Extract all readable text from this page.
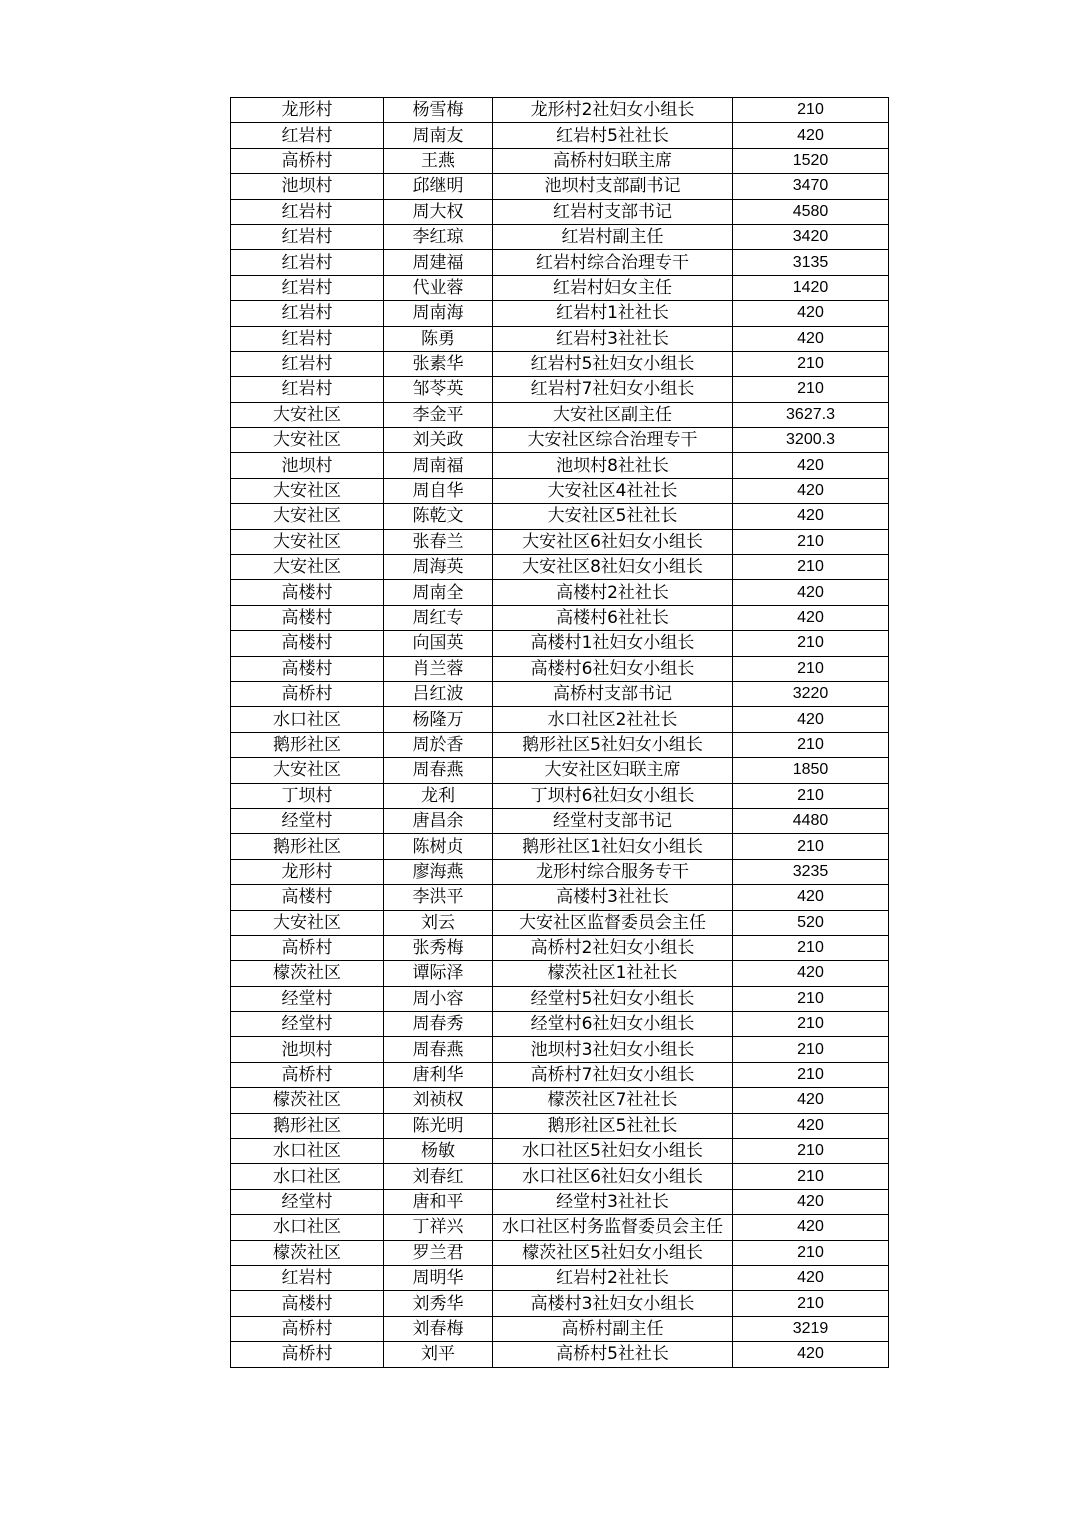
龙形村	杨雪梅	龙形村2社妇女小组长	210
红岩村	周南友	红岩村5社社长	420
高桥村	王燕	高桥村妇联主席	1520
池坝村	邱继明	池坝村支部副书记	3470
红岩村	周大权	红岩村支部书记	4580
红岩村	李红琼	红岩村副主任	3420
红岩村	周建福	红岩村综合治理专干	3135
红岩村	代业蓉	红岩村妇女主任	1420
红岩村	周南海	红岩村1社社长	420
红岩村	陈勇	红岩村3社社长	420
红岩村	张素华	红岩村5社妇女小组长	210
红岩村	邹苓英	红岩村7社妇女小组长	210
大安社区	李金平	大安社区副主任	3627.3
大安社区	刘关政	大安社区综合治理专干	3200.3
池坝村	周南福	池坝村8社社长	420
大安社区	周自华	大安社区4社社长	420
大安社区	陈乾文	大安社区5社社长	420
大安社区	张春兰	大安社区6社妇女小组长	210
大安社区	周海英	大安社区8社妇女小组长	210
高楼村	周南全	高楼村2社社长	420
高楼村	周红专	高楼村6社社长	420
高楼村	向国英	高楼村1社妇女小组长	210
高楼村	肖兰蓉	高楼村6社妇女小组长	210
高桥村	吕红波	高桥村支部书记	3220
水口社区	杨隆万	水口社区2社社长	420
鹅形社区	周於香	鹅形社区5社妇女小组长	210
大安社区	周春燕	大安社区妇联主席	1850
丁坝村	龙利	丁坝村6社妇女小组长	210
经堂村	唐昌余	经堂村支部书记	4480
鹅形社区	陈树贞	鹅形社区1社妇女小组长	210
龙形村	廖海燕	龙形村综合服务专干	3235
高楼村	李洪平	高楼村3社社长	420
大安社区	刘云	大安社区监督委员会主任	520
高桥村	张秀梅	高桥村2社妇女小组长	210
檬茨社区	谭际泽	檬茨社区1社社长	420
经堂村	周小容	经堂村5社妇女小组长	210
经堂村	周春秀	经堂村6社妇女小组长	210
池坝村	周春燕	池坝村3社妇女小组长	210
高桥村	唐利华	高桥村7社妇女小组长	210
檬茨社区	刘祯权	檬茨社区7社社长	420
鹅形社区	陈光明	鹅形社区5社社长	420
水口社区	杨敏	水口社区5社妇女小组长	210
水口社区	刘春红	水口社区6社妇女小组长	210
经堂村	唐和平	经堂村3社社长	420
水口社区	丁祥兴	水口社区村务监督委员会主任	420
檬茨社区	罗兰君	檬茨社区5社妇女小组长	210
红岩村	周明华	红岩村2社社长	420
高楼村	刘秀华	高楼村3社妇女小组长	210
高桥村	刘春梅	高桥村副主任	3219
高桥村	刘平	高桥村5社社长	420
